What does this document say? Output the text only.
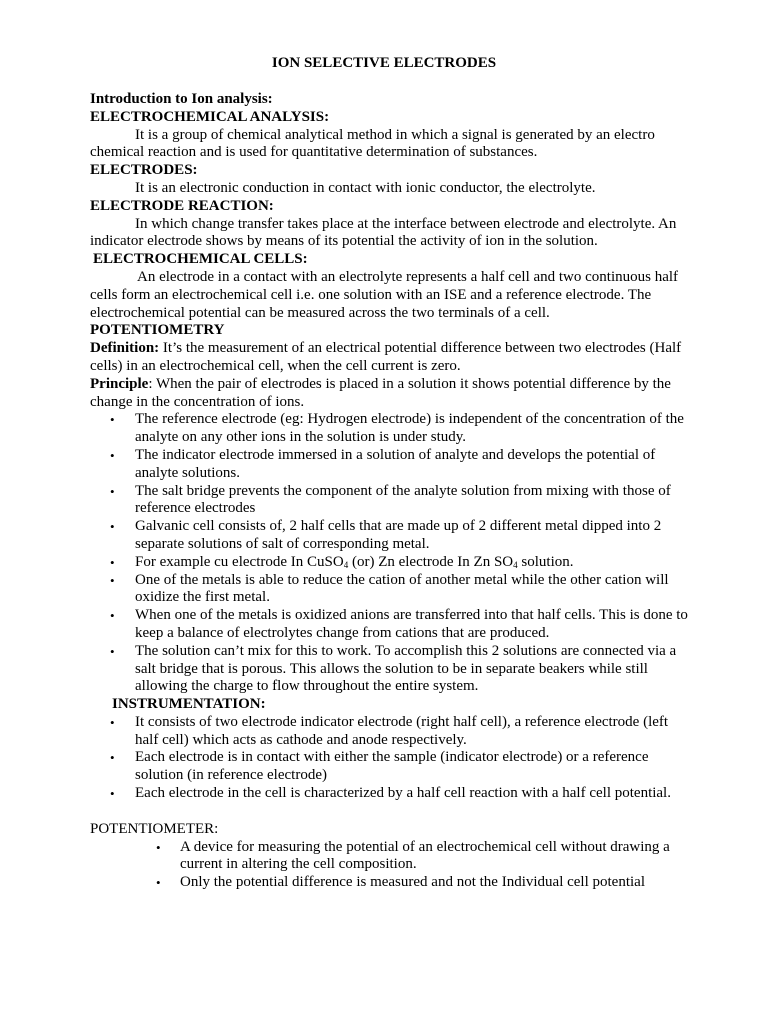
ION SELECTIVE ELECTRODES

Introduction to Ion analysis:

ELECTROCHEMICAL ANALYSIS:

It is a group of chemical analytical method in which a signal is generated by an electro chemical reaction and is used for quantitative determination of substances.

ELECTRODES:

It is an electronic conduction in contact with ionic conductor, the electrolyte.

ELECTRODE REACTION:

In which change transfer takes place at the interface between electrode and electrolyte. An indicator electrode shows by means of its potential the activity of ion in the solution.

ELECTROCHEMICAL CELLS:

An electrode in a contact with an electrolyte represents a half cell and two continuous half cells form an electrochemical cell i.e. one solution with an ISE and a reference electrode. The electrochemical potential can be measured across the two terminals of a cell.

POTENTIOMETRY

Definition: It’s the measurement of an electrical potential difference between two electrodes (Half cells) in an electrochemical cell, when the cell current is zero.

Principle: When the pair of electrodes is placed in a solution it shows potential difference by the change in the concentration of ions.

• The reference electrode (eg: Hydrogen electrode) is independent of the concentration of the analyte on any other ions in the solution is under study.
• The indicator electrode immersed in a solution of analyte and develops the potential of analyte solutions.
• The salt bridge prevents the component of the analyte solution from mixing with those of reference electrodes
• Galvanic cell consists of, 2 half cells that are made up of 2 different metal dipped into 2 separate solutions of salt of corresponding metal.
• For example cu electrode In CuSO$_4$ (or) Zn electrode In Zn $SO_4$ solution.
• One of the metals is able to reduce the cation of another metal while the other cation will oxidize the first metal.
• When one of the metals is oxidized anions are transferred into that half cells. This is done to keep a balance of electrolytes change from cations that are produced.
• The solution can’t mix for this to work. To accomplish this 2 solutions are connected via a salt bridge that is porous. This allows the solution to be in separate beakers while still allowing the charge to flow throughout the entire system.

INSTRUMENTATION:

• It consists of two electrode indicator electrode (right half cell), a reference electrode (left half cell) which acts as cathode and anode respectively.
• Each electrode is in contact with either the sample (indicator electrode) or a reference solution (in reference electrode)
• Each electrode in the cell is characterized by a half cell reaction with a half cell potential.

POTENTIOMETER:

• A device for measuring the potential of an electrochemical cell without drawing a current in altering the cell composition.
• Only the potential difference is measured and not the Individual cell potential
